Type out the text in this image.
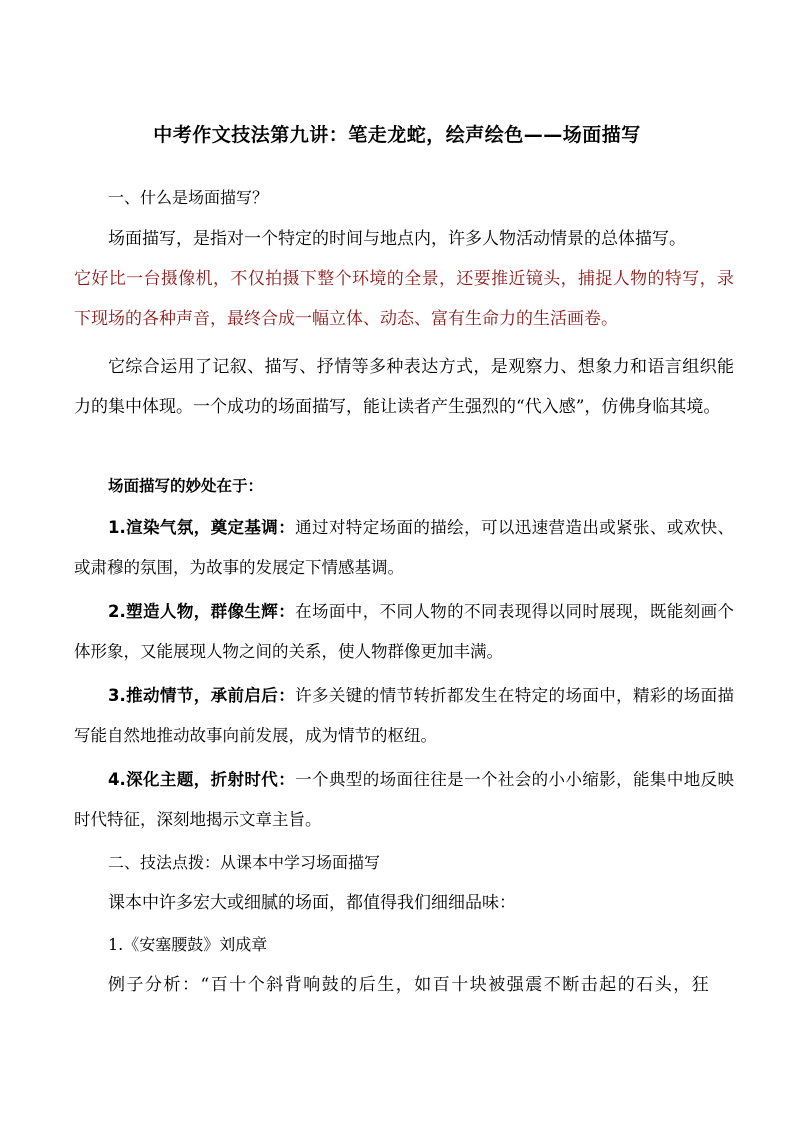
中考作文技法第九讲：笔走龙蛇，绘声绘色——场面描写

一、什么是场面描写？

场面描写，是指对一个特定的时间与地点内，许多人物活动情景的总体描写。

它好比一台摄像机，不仅拍摄下整个环境的全景，还要推近镜头，捕捉人物的特写，录下现场的各种声音，最终合成一幅立体、动态、富有生命力的生活画卷。

它综合运用了记叙、描写、抒情等多种表达方式，是观察力、想象力和语言组织能力的集中体现。一个成功的场面描写，能让读者产生强烈的“代入感”，仿佛身临其境。

场面描写的妙处在于：

1.渲染气氛，奠定基调：通过对特定场面的描绘，可以迅速营造出或紧张、或欢快、或肃穆的氛围，为故事的发展定下情感基调。

2.塑造人物，群像生辉：在场面中，不同人物的不同表现得以同时展现，既能刻画个体形象，又能展现人物之间的关系，使人物群像更加丰满。

3.推动情节，承前启后：许多关键的情节转折都发生在特定的场面中，精彩的场面描写能自然地推动故事向前发展，成为情节的枢纽。

4.深化主题，折射时代：一个典型的场面往往是一个社会的小小缩影，能集中地反映时代特征，深刻地揭示文章主旨。

二、技法点拨：从课本中学习场面描写

课本中许多宏大或细腻的场面，都值得我们细细品味：

1.《安塞腰鼓》刘成章

例子分析：“百十个斜背响鼓的后生，如百十块被强震不断击起的石头，狂
